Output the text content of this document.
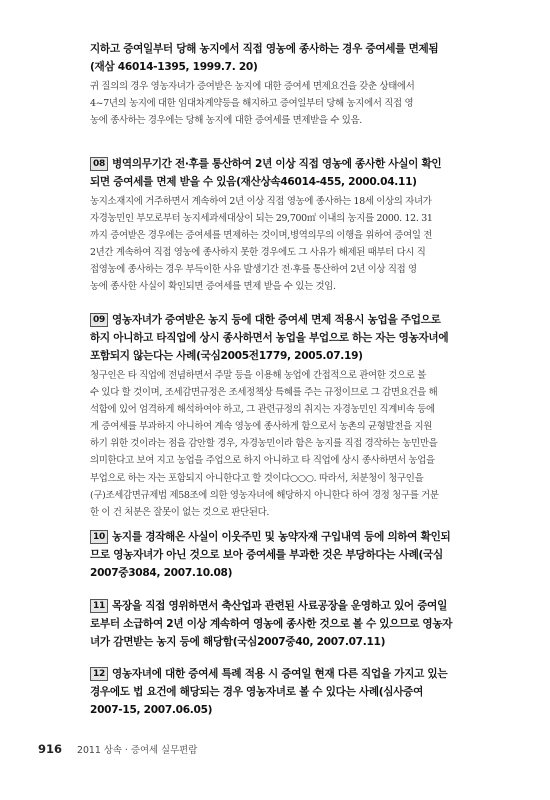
지하고 증여일부터 당해 농지에서 직접 영농에 종사하는 경우 증여세를 면제됨
(재삼 46014-1395, 1999.7. 20)
귀 질의의 경우 영농자녀가 증여받은 농지에 대한 증여세 면제요건을 갖춘 상태에서
4~7년의 농지에 대한 임대차계약등을 해지하고 증여일부터 당해 농지에서 직접 영
농에 종사하는 경우에는 당해 농지에 대한 증여세를 면제받을 수 있음.
08 병역의무기간 전·후를 통산하여 2년 이상 직접 영농에 종사한 사실이 확인
되면 증여세를 면제 받을 수 있음(재산상속46014-455, 2000.04.11)
농지소재지에 거주하면서 계속하여 2년 이상 직접 영농에 종사하는 18세 이상의 자녀가
자경농민인 부모로부터 농지세과세대상이 되는 29,700㎡ 이내의 농지를 2000. 12. 31
까지 증여받은 경우에는 증여세를 면제하는 것이며,병역의무의 이행을 위하여 증여일 전
2년간 계속하여 직접 영농에 종사하지 못한 경우에도 그 사유가 해제된 때부터 다시 직
접영농에 종사하는 경우 부득이한 사유 발생기간 전·후를 통산하여 2년 이상 직접 영
농에 종사한 사실이 확인되면 증여세를 면제 받을 수 있는 것임.
09 영농자녀가 증여받은 농지 등에 대한 증여세 면제 적용시 농업을 주업으로
하지 아니하고 타직업에 상시 종사하면서 농업을 부업으로 하는 자는 영농자녀에
포함되지 않는다는 사례(국심2005전1779, 2005.07.19)
청구인은 타 직업에 전념하면서 주말 등을 이용해 농업에 간접적으로 관여한 것으로 볼
수 있다 할 것이며, 조세감면규정은 조세정책상 특혜를 주는 규정이므로 그 감면요건을 해
석함에 있어 엄격하게 해석하여야 하고, 그 관련규정의 취지는 자경농민인 직계비속 등에
게 증여세를 부과하지 아니하여 계속 영농에 종사하게 함으로서 농촌의 균형발전을 지원
하기 위한 것이라는 점을 감안할 경우, 자경농민이라 함은 농지를 직접 경작하는 농민만을
의미한다고 보여 지고 농업을 주업으로 하지 아니하고 타 직업에 상시 종사하면서 농업을
부업으로 하는 자는 포함되지 아니한다고 할 것이다○○○. 따라서, 처분청이 청구인을
(구)조세감면규제법 제58조에 의한 영농자녀에 해당하지 아니한다 하여 경정 청구를 거분
한 이 건 처분은 잘못이 없는 것으로 판단된다.
10 농지를 경작해온 사실이 이웃주민 및 농약자재 구입내역 등에 의하여 확인되
므로 영농자녀가 아닌 것으로 보아 증여세를 부과한 것은 부당하다는 사례(국심
2007중3084, 2007.10.08)
11 목장을 직접 영위하면서 축산업과 관련된 사료공장을 운영하고 있어 증여일
로부터 소급하여 2년 이상 계속하여 영농에 종사한 것으로 볼 수 있으므로 영농자
녀가 감면받는 농지 등에 해당함(국심2007중40, 2007.07.11)
12 영농자녀에 대한 증여세 특례 적용 시 증여일 현재 다른 직업을 가지고 있는
경우에도 법 요건에 해당되는 경우 영농자녀로 볼 수 있다는 사례(심사증여
2007-15, 2007.06.05)
916 2011 상속 · 증여세 실무편람
